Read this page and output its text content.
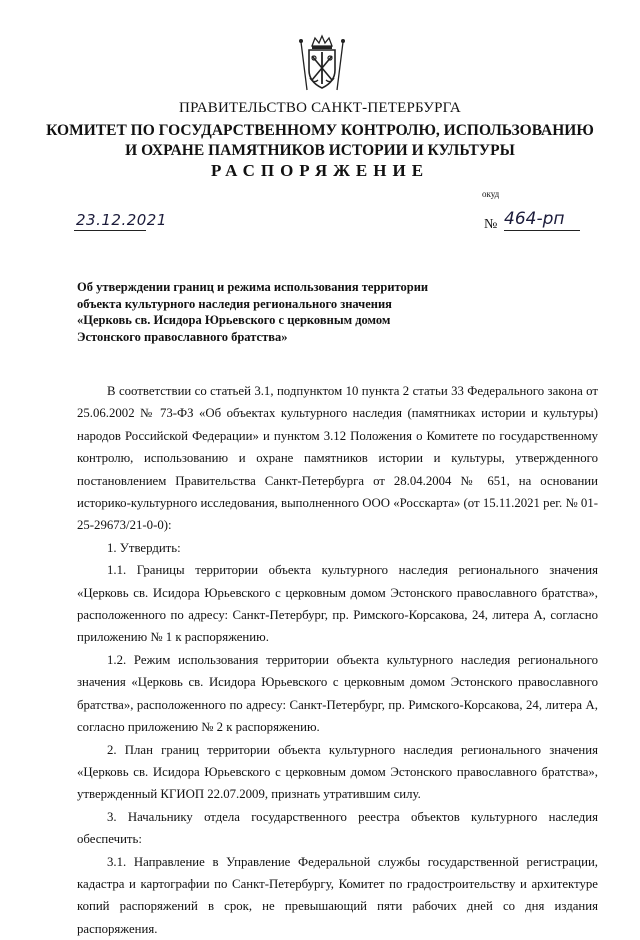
ПРАВИТЕЛЬСТВО САНКТ-ПЕТЕРБУРГА
КОМИТЕТ ПО ГОСУДАРСТВЕННОМУ КОНТРОЛЮ, ИСПОЛЬЗОВАНИЮ
И ОХРАНЕ ПАМЯТНИКОВ ИСТОРИИ И КУЛЬТУРЫ
РАСПОРЯЖЕНИЕ
окуд
23.12.2021	№ 464-рп
Об утверждении границ и режима использования территории
объекта культурного наследия регионального значения
«Церковь св. Исидора Юрьевского с церковным домом
Эстонского православного братства»

В соответствии со статьей 3.1, подпунктом 10 пункта 2 статьи 33 Федерального закона от 25.06.2002 № 73-ФЗ «Об объектах культурного наследия (памятниках истории и культуры) народов Российской Федерации» и пунктом 3.12 Положения о Комитете по государственному контролю, использованию и охране памятников истории и культуры, утвержденного постановлением Правительства Санкт-Петербурга от 28.04.2004 № 651, на основании историко-культурного исследования, выполненного ООО «Росскарта» (от 15.11.2021 рег. № 01-25-29673/21-0-0):

1. Утвердить:

1.1. Границы территории объекта культурного наследия регионального значения «Церковь св. Исидора Юрьевского с церковным домом Эстонского православного братства», расположенного по адресу: Санкт-Петербург, пр. Римского-Корсакова, 24, литера А, согласно приложению № 1 к распоряжению.

1.2. Режим использования территории объекта культурного наследия регионального значения «Церковь св. Исидора Юрьевского с церковным домом Эстонского православного братства», расположенного по адресу: Санкт-Петербург, пр. Римского-Корсакова, 24, литера А, согласно приложению № 2 к распоряжению.

2. План границ территории объекта культурного наследия регионального значения «Церковь св. Исидора Юрьевского с церковным домом Эстонского православного братства», утвержденный КГИОП 22.07.2009, признать утратившим силу.

3. Начальнику отдела государственного реестра объектов культурного наследия обеспечить:

3.1. Направление в Управление Федеральной службы государственной регистрации, кадастра и картографии по Санкт-Петербургу, Комитет по градостроительству и архитектуре копий распоряжений в срок, не превышающий пяти рабочих дней со дня издания распоряжения.
